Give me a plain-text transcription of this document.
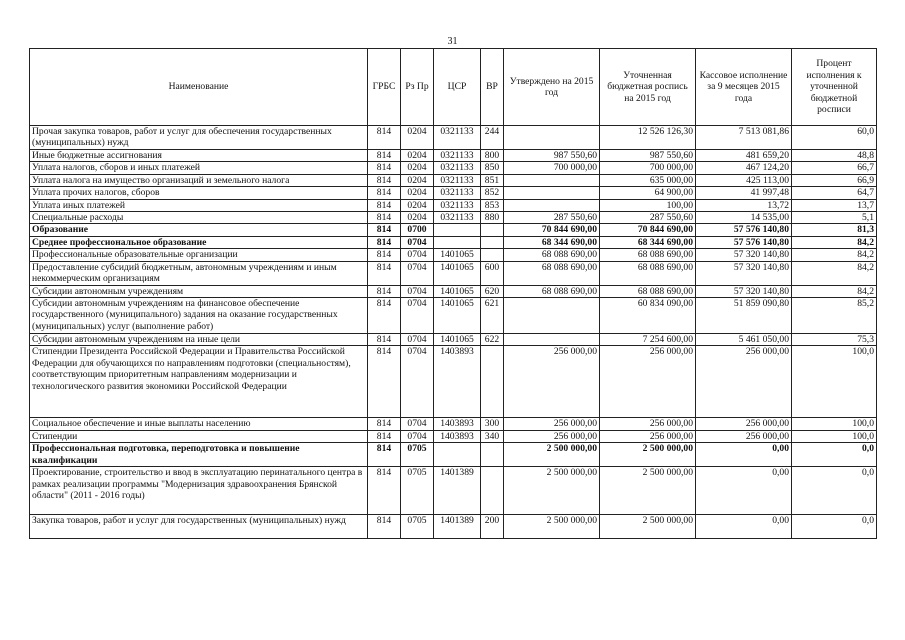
31
Наименование	ГРБС	Рз Пр	ЦСР	ВР	Утверждено на 2015 год	Уточненная бюджетная роспись на 2015 год	Кассовое исполнение за 9 месяцев 2015 года	Процент исполнения к уточненной бюджетной росписи
Прочая закупка товаров, работ и услуг для обеспечения государственных (муниципальных) нужд	814	0204	0321133	244		12 526 126,30	7 513 081,86	60,0
Иные бюджетные ассигнования	814	0204	0321133	800	987 550,60	987 550,60	481 659,20	48,8
Уплата налогов, сборов и иных платежей	814	0204	0321133	850	700 000,00	700 000,00	467 124,20	66,7
Уплата налога на имущество организаций и земельного налога	814	0204	0321133	851		635 000,00	425 113,00	66,9
Уплата прочих налогов, сборов	814	0204	0321133	852		64 900,00	41 997,48	64,7
Уплата иных платежей	814	0204	0321133	853		100,00	13,72	13,7
Специальные расходы	814	0204	0321133	880	287 550,60	287 550,60	14 535,00	5,1
Образование	814	0700			70 844 690,00	70 844 690,00	57 576 140,80	81,3
Среднее профессиональное образование	814	0704			68 344 690,00	68 344 690,00	57 576 140,80	84,2
Профессиональные образовательные организации	814	0704	1401065		68 088 690,00	68 088 690,00	57 320 140,80	84,2
Предоставление субсидий бюджетным, автономным учреждениям и иным некоммерческим организациям	814	0704	1401065	600	68 088 690,00	68 088 690,00	57 320 140,80	84,2
Субсидии автономным учреждениям	814	0704	1401065	620	68 088 690,00	68 088 690,00	57 320 140,80	84,2
Субсидии автономным учреждениям на финансовое обеспечение государственного (муниципального) задания на оказание государственных (муниципальных) услуг (выполнение работ)	814	0704	1401065	621		60 834 090,00	51 859 090,80	85,2
Субсидии автономным учреждениям на иные цели	814	0704	1401065	622		7 254 600,00	5 461 050,00	75,3
Стипендии Президента Российской Федерации и Правительства Российской Федерации для обучающихся по направлениям подготовки (специальностям), соответствующим приоритетным направлениям модернизации и технологического развития экономики Российской Федерации	814	0704	1403893		256 000,00	256 000,00	256 000,00	100,0
Социальное обеспечение и иные выплаты населению	814	0704	1403893	300	256 000,00	256 000,00	256 000,00	100,0
Стипендии	814	0704	1403893	340	256 000,00	256 000,00	256 000,00	100,0
Профессиональная подготовка, переподготовка и повышение квалификации	814	0705			2 500 000,00	2 500 000,00	0,00	0,0
Проектирование, строительство и ввод в эксплуатацию перинатального центра в рамках реализации программы "Модернизация здравоохранения Брянской области" (2011 - 2016 годы)	814	0705	1401389		2 500 000,00	2 500 000,00	0,00	0,0
Закупка товаров, работ и услуг для государственных (муниципальных) нужд	814	0705	1401389	200	2 500 000,00	2 500 000,00	0,00	0,0
